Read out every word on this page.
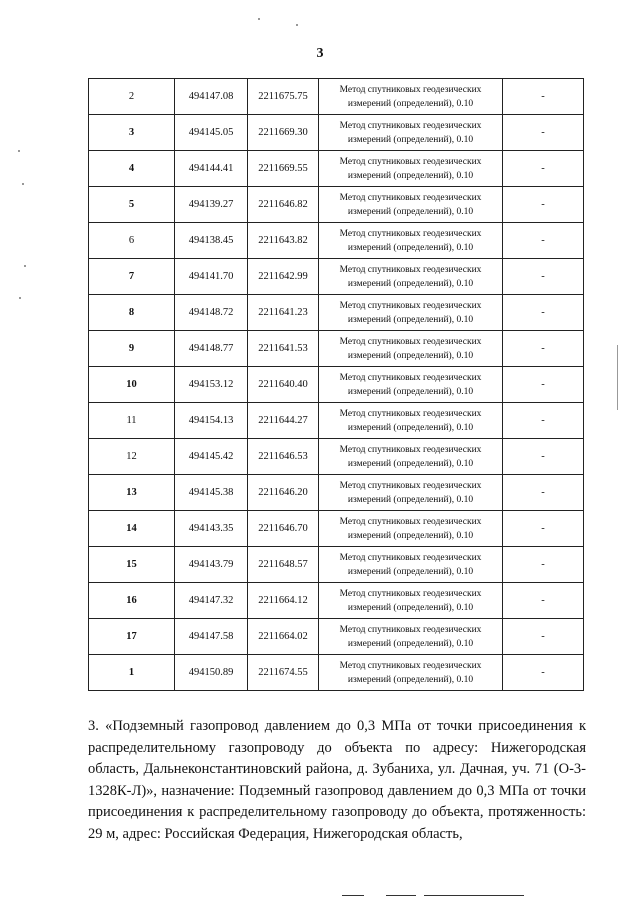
3
2	494147.08	2211675.75	Метод спутниковых геодезических измерений (определений), 0.10	-
3	494145.05	2211669.30	Метод спутниковых геодезических измерений (определений), 0.10	-
4	494144.41	2211669.55	Метод спутниковых геодезических измерений (определений), 0.10	-
5	494139.27	2211646.82	Метод спутниковых геодезических измерений (определений), 0.10	-
6	494138.45	2211643.82	Метод спутниковых геодезических измерений (определений), 0.10	-
7	494141.70	2211642.99	Метод спутниковых геодезических измерений (определений), 0.10	-
8	494148.72	2211641.23	Метод спутниковых геодезических измерений (определений), 0.10	-
9	494148.77	2211641.53	Метод спутниковых геодезических измерений (определений), 0.10	-
10	494153.12	2211640.40	Метод спутниковых геодезических измерений (определений), 0.10	-
11	494154.13	2211644.27	Метод спутниковых геодезических измерений (определений), 0.10	-
12	494145.42	2211646.53	Метод спутниковых геодезических измерений (определений), 0.10	-
13	494145.38	2211646.20	Метод спутниковых геодезических измерений (определений), 0.10	-
14	494143.35	2211646.70	Метод спутниковых геодезических измерений (определений), 0.10	-
15	494143.79	2211648.57	Метод спутниковых геодезических измерений (определений), 0.10	-
16	494147.32	2211664.12	Метод спутниковых геодезических измерений (определений), 0.10	-
17	494147.58	2211664.02	Метод спутниковых геодезических измерений (определений), 0.10	-
1	494150.89	2211674.55	Метод спутниковых геодезических измерений (определений), 0.10	-
3. «Подземный газопровод давлением до 0,3 МПа от точки присоединения к распределительному газопроводу до объекта по адресу: Нижегородская область, Дальнеконстантиновский района, д. Зубаниха, ул. Дачная, уч. 71 (О-3-1328К-Л)», назначение: Подземный газопровод давлением до 0,3 МПа от точки присоединения к распределительному газопроводу до объекта, протяженность: 29 м, адрес: Российская Федерация, Нижегородская область,
